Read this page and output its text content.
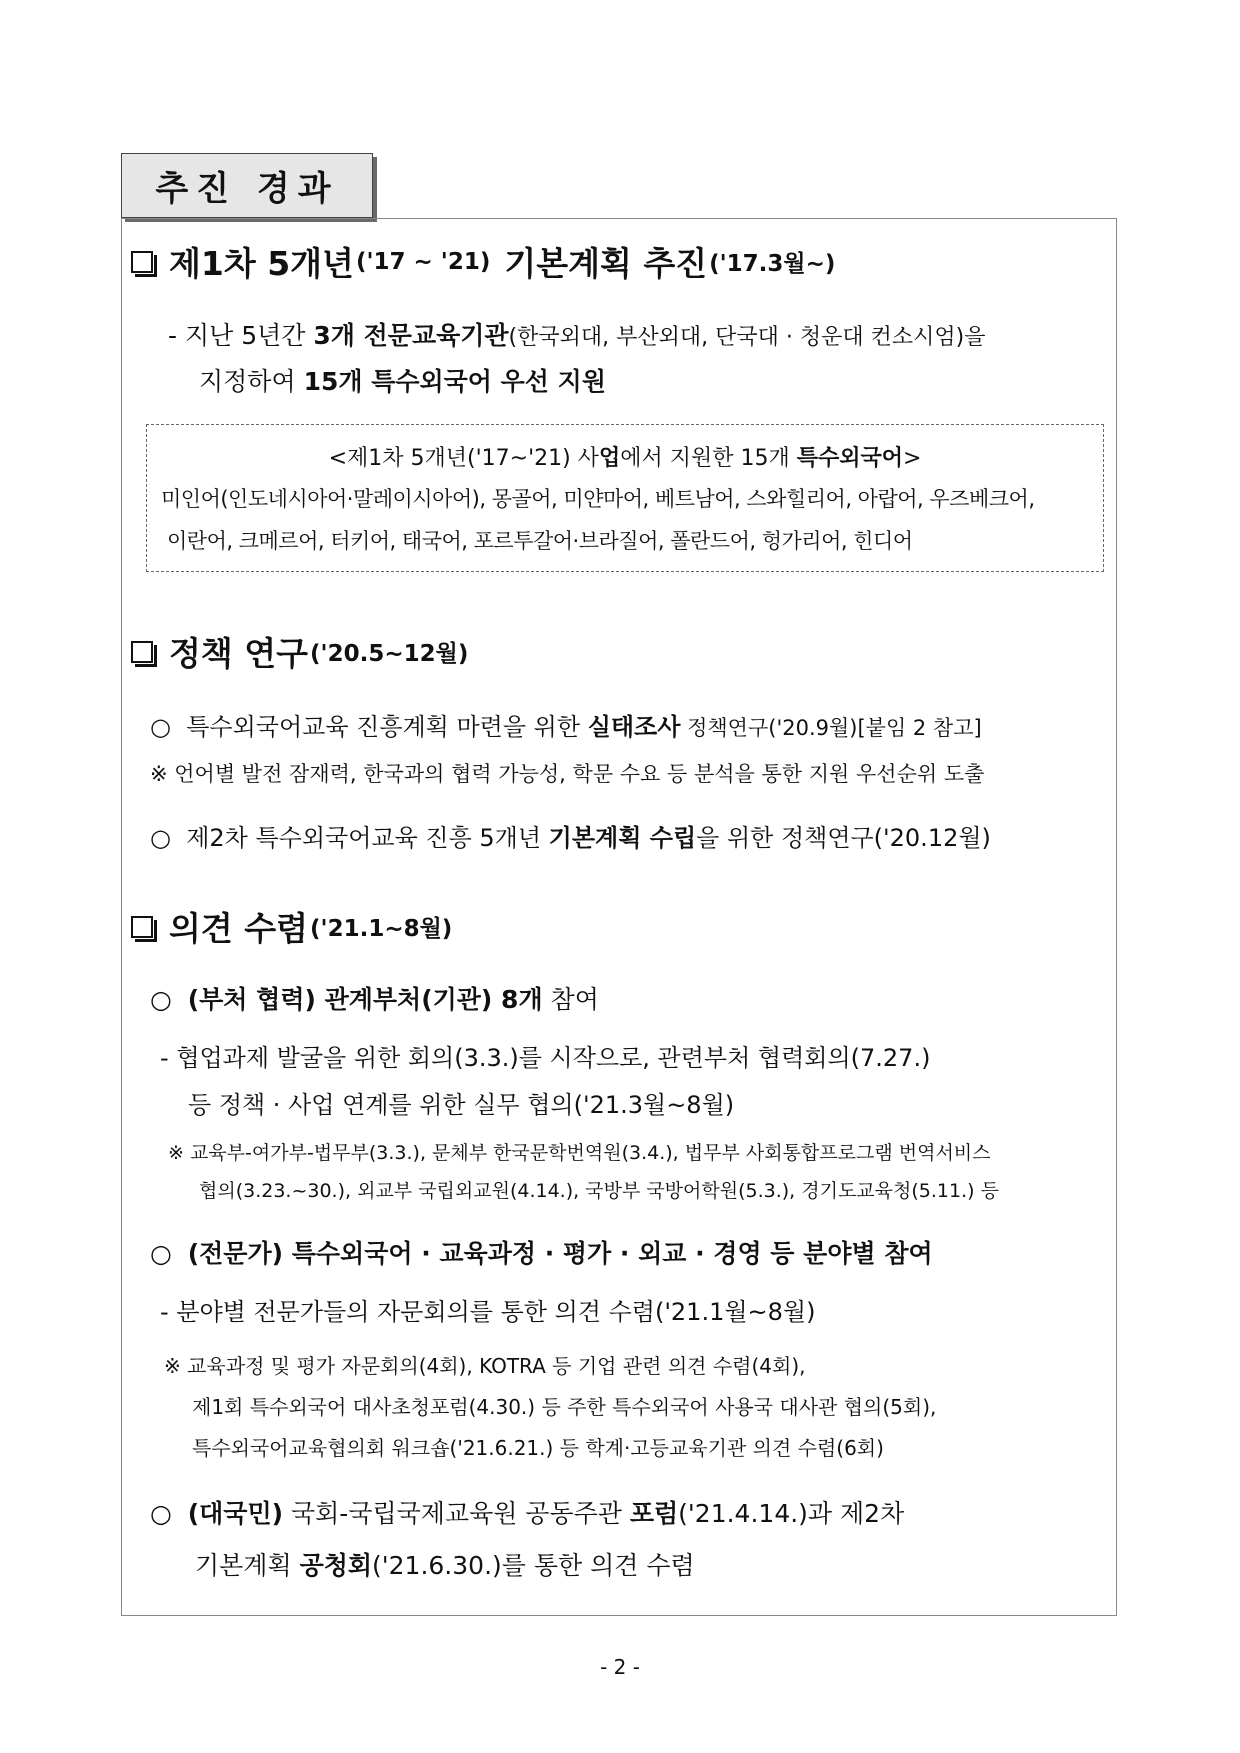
추진 경과
제1차 5개년 ('17 ~ '21) 기본계획 추진 ('17.3월~)
- 지난 5년간 3개 전문교육기관(한국외대, 부산외대, 단국대 · 청운대 컨소시엄)을
지정하여 15개 특수외국어 우선 지원
<제1차 5개년('17~'21) 사업에서 지원한 15개 특수외국어>
미인어(인도네시아어·말레이시아어), 몽골어, 미얀마어, 베트남어, 스와힐리어, 아랍어, 우즈베크어,
이란어, 크메르어, 터키어, 태국어, 포르투갈어·브라질어, 폴란드어, 헝가리어, 힌디어
정책 연구 ('20.5~12월)
○ 특수외국어교육 진흥계획 마련을 위한 실태조사 정책연구('20.9월)[붙임 2 참고]
※ 언어별 발전 잠재력, 한국과의 협력 가능성, 학문 수요 등 분석을 통한 지원 우선순위 도출
○ 제2차 특수외국어교육 진흥 5개년 기본계획 수립을 위한 정책연구('20.12월)
의견 수렴 ('21.1~8월)
○ (부처 협력) 관계부처(기관) 8개 참여
- 협업과제 발굴을 위한 회의(3.3.)를 시작으로, 관련부처 협력회의(7.27.)
등 정책 · 사업 연계를 위한 실무 협의('21.3월~8월)
※ 교육부-여가부-법무부(3.3.), 문체부 한국문학번역원(3.4.), 법무부 사회통합프로그램 번역서비스
협의(3.23.~30.), 외교부 국립외교원(4.14.), 국방부 국방어학원(5.3.), 경기도교육청(5.11.) 등
○ (전문가) 특수외국어 · 교육과정 · 평가 · 외교 · 경영 등 분야별 참여
- 분야별 전문가들의 자문회의를 통한 의견 수렴('21.1월~8월)
※ 교육과정 및 평가 자문회의(4회), KOTRA 등 기업 관련 의견 수렴(4회),
제1회 특수외국어 대사초청포럼(4.30.) 등 주한 특수외국어 사용국 대사관 협의(5회),
특수외국어교육협의회 워크숍('21.6.21.) 등 학계·고등교육기관 의견 수렴(6회)
○ (대국민) 국회-국립국제교육원 공동주관 포럼('21.4.14.)과 제2차
기본계획 공청회('21.6.30.)를 통한 의견 수렴
- 2 -
